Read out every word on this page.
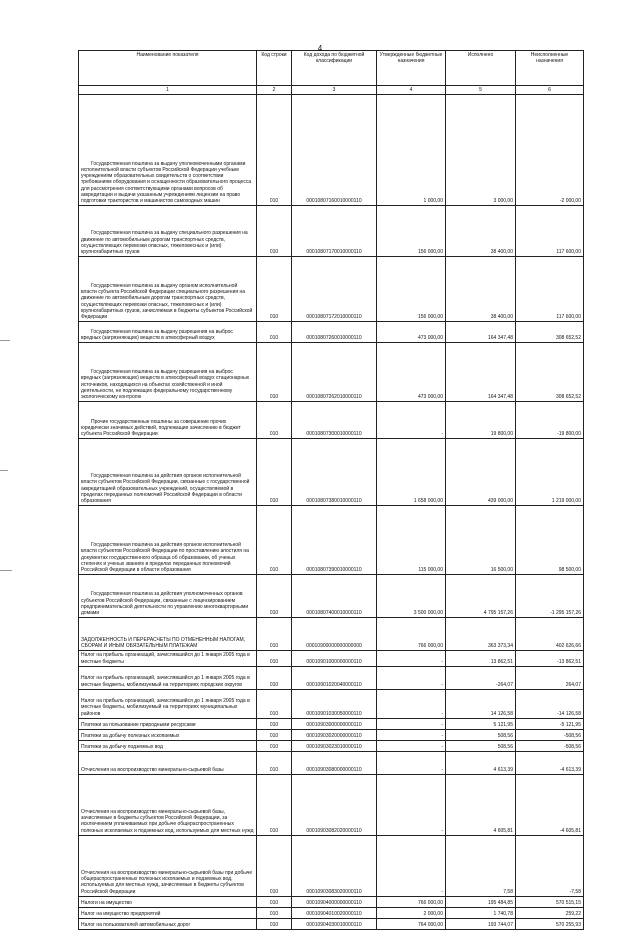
4
Наименование показателя	Код строки	Код дохода по бюджетной классификации	Утвержденные бюджетные назначения	Исполнено	Неисполненные назначения
1	2	3	4	5	6
Государственная пошлина за выдачу уполномоченными органами исполнительной власти субъектов Российской Федерации учебным учреждениям образовательных свидетельств о соответствии требованиям оборудования и оснащенности образовательного процесса для рассмотрения соответствующими органами вопросов об аккредитации и выдачи указанным учреждениям лицензии на право подготовки трактористов и машинистов самоходных машин	010	00010807160010000110	1 000,00	3 000,00	-2 000,00
Государственная пошлина за выдачу специального разрешения на движение по автомобильным дорогам транспортных средств, осуществляющих перевозки опасных, тяжеловесных и (или) крупногабаритных грузов	010	00010807170010000110	156 000,00	38 400,00	117 600,00
Государственная пошлина за выдачу органом исполнительной власти субъекта Российской Федерации специального разрешения на движение по автомобильным дорогам транспортных средств, осуществляющих перевозки опасных, тяжеловесных и (или) крупногабаритных грузов, зачисляемая в бюджеты субъектов Российской Федерации	010	00010807172010000110	156 000,00	38 400,00	117 600,00
Государственная пошлина за выдачу разрешения на выброс вредных (загрязняющих) веществ в атмосферный воздух	010	00010807260010000110	473 000,00	164 347,48	308 652,52
Государственная пошлина за выдачу разрешения на выброс вредных (загрязняющих) веществ в атмосферный воздух стационарных источников, находящихся на объектах хозяйственной и иной деятельности, не подлежащих федеральному государственному экологическому контролю	010	00010807262010000110	473 000,00	164 347,48	308 652,52
Прочие государственные пошлины за совершение прочих юридически значимых действий, подлежащие зачислению в бюджет субъекта Российской Федерации	010	00010807300010000110	-	19 800,00	-19 800,00
Государственная пошлина за действия органов исполнительной власти субъектов Российской Федерации, связанные с государственной аккредитацией образовательных учреждений, осуществляемой в пределах переданных полномочий Российской Федерации в области образования	010	00010807380010000110	1 658 000,00	439 000,00	1 219 000,00
Государственная пошлина за действия органов исполнительной власти субъектов Российской Федерации по проставлению апостиля на документах государственного образца об образовании, об ученых степенях и ученых званиях в пределах переданных полномочий Российской Федерации в области образования	010	00010807390010000110	115 000,00	16 500,00	98 500,00
Государственная пошлина за действия уполномоченных органов субъектов Российской Федерации, связанные с лицензированием предпринимательской деятельности по управлению многоквартирными домами	010	00010807400010000110	3 500 000,00	4 795 157,26	-1 295 157,26
ЗАДОЛЖЕННОСТЬ И ПЕРЕРАСЧЕТЫ ПО ОТМЕНЕННЫМ НАЛОГАМ, СБОРАМ И ИНЫМ ОБЯЗАТЕЛЬНЫМ ПЛАТЕЖАМ	010	00010900000000000000	766 000,00	363 373,34	402 626,66
Налог на прибыль организаций, зачислявшийся до 1 января 2005 года в местные бюджеты	010	00010901000000000110	-	13 862,51	-13 862,51
Налог на прибыль организаций, зачислявшийся до 1 января 2005 года в местные бюджеты, мобилизуемый на территориях городских округов	010	00010901020040000110	-	-264,07	264,07
Налог на прибыль организаций, зачислявшийся до 1 января 2005 года в местные бюджеты, мобилизуемый на территориях муниципальных районов	010	00010901030050000110	-	14 126,58	-14 126,58
Платежи за пользование природными ресурсами	010	00010903000000000110	-	5 121,95	-5 121,95
Платежи за добычу полезных ископаемых	010	00010903020000000110	-	508,56	-508,56
Платежи за добычу подземных вод	010	00010903023010000110	-	508,56	-508,56
Отчисления на воспроизводство минерально-сырьевой базы	010	00010903080000000110	-	4 613,39	-4 613,39
Отчисления на воспроизводство минерально-сырьевой базы, зачисляемые в бюджеты субъектов Российской Федерации, за исключением уплачиваемых при добыче общераспространенных полезных ископаемых и подземных вод, используемых для местных нужд	010	00010903082020000110	-	4 605,81	-4 605,81
Отчисления на воспроизводство минерально-сырьевой базы при добыче общераспространенных полезных ископаемых и подземных вод, используемых для местных нужд, зачисляемые в бюджеты субъектов Российской Федерации	010	00010903083020000110	-	7,58	-7,58
Налоги на имущество	010	00010904000000000110	766 000,00	195 484,85	570 515,15
Налог на имущество предприятий	010	00010904010020000110	2 000,00	1 740,78	259,22
Налог на пользователей автомобильных дорог	010	00010904030010000110	764 000,00	193 744,07	570 255,93
